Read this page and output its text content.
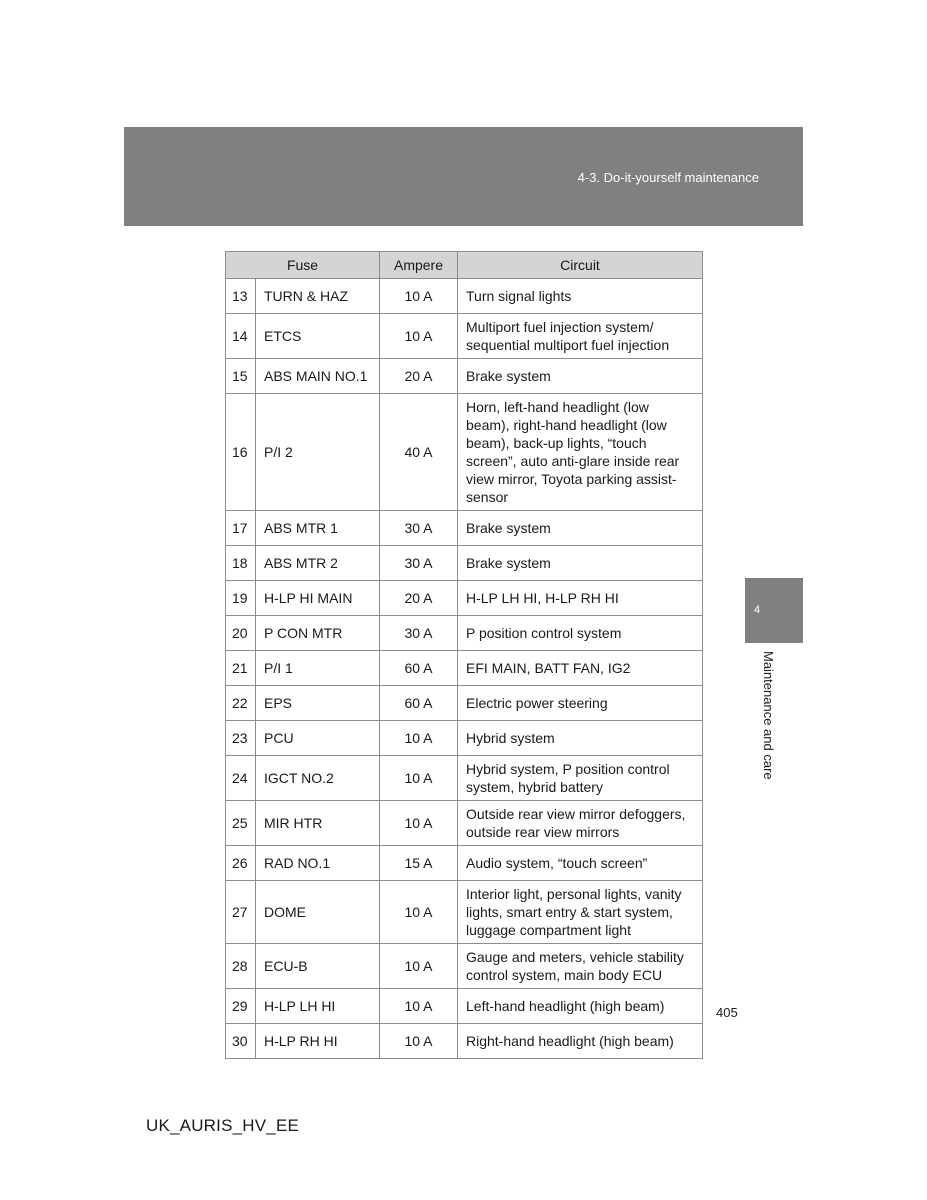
4-3. Do-it-yourself maintenance
4
Maintenance and care
Fuse		Ampere	Circuit
13	TURN & HAZ	10 A	Turn signal lights
14	ETCS	10 A	Multiport fuel injection system/ sequential multiport fuel injection
15	ABS MAIN NO.1	20 A	Brake system
16	P/I 2	40 A	Horn, left-hand headlight (low beam), right-hand headlight (low beam), back-up lights, “touch screen”, auto anti-glare inside rear view mirror, Toyota parking assist-sensor
17	ABS MTR 1	30 A	Brake system
18	ABS MTR 2	30 A	Brake system
19	H-LP HI MAIN	20 A	H-LP LH HI, H-LP RH HI
20	P CON MTR	30 A	P position control system
21	P/I 1	60 A	EFI MAIN, BATT FAN, IG2
22	EPS	60 A	Electric power steering
23	PCU	10 A	Hybrid system
24	IGCT NO.2	10 A	Hybrid system, P position control system, hybrid battery
25	MIR HTR	10 A	Outside rear view mirror defoggers, outside rear view mirrors
26	RAD NO.1	15 A	Audio system, “touch screen”
27	DOME	10 A	Interior light, personal lights, vanity lights, smart entry & start system, luggage compartment light
28	ECU-B	10 A	Gauge and meters, vehicle stability control system, main body ECU
29	H-LP LH HI	10 A	Left-hand headlight (high beam)
30	H-LP RH HI	10 A	Right-hand headlight (high beam)
405
UK_AURIS_HV_EE
